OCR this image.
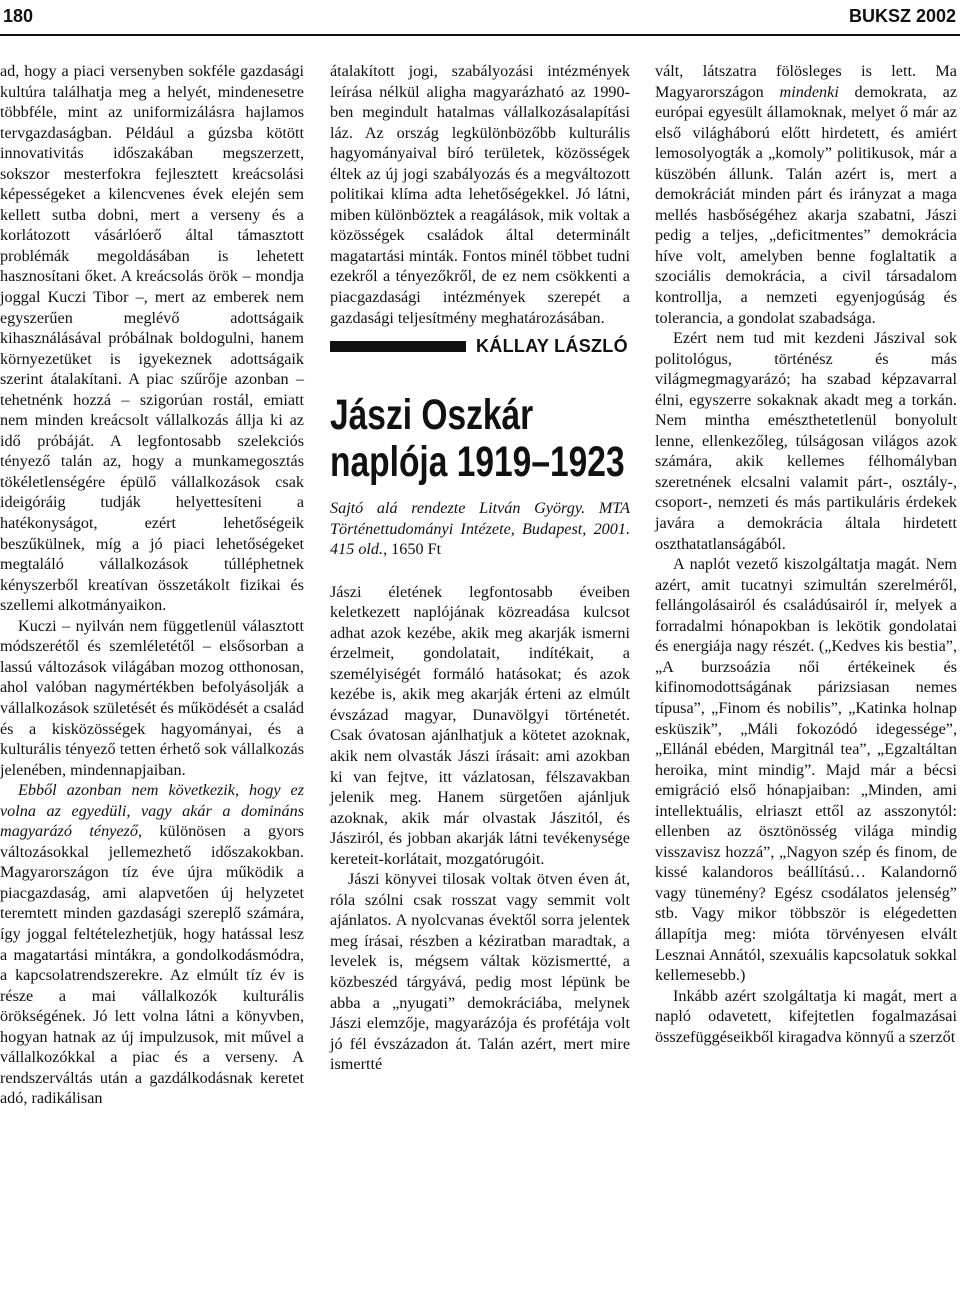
180	BUKSZ 2002

ad, hogy a piaci versenyben sokféle gazdasági kultúra találhatja meg a helyét, mindenesetre többféle, mint az uniformizálásra hajlamos tervgazdaságban. Például a gúzsba kötött innovativitás időszakában megszerzett, sokszor mesterfokra fejlesztett kreácsolási képességeket a kilencvenes évek elején sem kellett sutba dobni, mert a verseny és a korlátozott vásárlóerő által támasztott problémák megoldásában is lehetett hasznosítani őket. A kreácsolás örök – mondja joggal Kuczi Tibor –, mert az emberek nem egyszerűen meglévő adottságaik kihasználásával próbálnak boldogulni, hanem környezetüket is igyekeznek adottságaik szerint átalakítani. A piac szűrője azonban – tehetnénk hozzá – szigorúan rostál, emiatt nem minden kreácsolt vállalkozás állja ki az idő próbáját. A legfontosabb szelekciós tényező talán az, hogy a munkamegosztás tökéletlenségére épülő vállalkozások csak ideigóráig tudják helyettesíteni a hatékonyságot, ezért lehetőségeik beszűkülnek, míg a jó piaci lehetőségeket megtaláló vállalkozások túlléphetnek kényszerből kreatívan összetákolt fizikai és szellemi alkotmányaikon.

Kuczi – nyilván nem függetlenül választott módszerétől és szemléletétől – elsősorban a lassú változások világában mozog otthonosan, ahol valóban nagymértékben befolyásolják a vállalkozások születését és működését a család és a kisközösségek hagyományai, és a kulturális tényező tetten érhető sok vállalkozás jelenében, mindennapjaiban.

Ebből azonban nem következik, hogy ez volna az egyedüli, vagy akár a domináns magyarázó tényező, különösen a gyors változásokkal jellemezhető időszakokban. Magyarországon tíz éve újra működik a piacgazdaság, ami alapvetően új helyzetet teremtett minden gazdasági szereplő számára, így joggal feltételezhetjük, hogy hatással lesz a magatartási mintákra, a gondolkodásmódra, a kapcsolatrendszerekre. Az elmúlt tíz év is része a mai vállalkozók kulturális örökségének. Jó lett volna látni a könyvben, hogyan hatnak az új impulzusok, mit művel a vállalkozókkal a piac és a verseny. A rendszerváltás után a gazdálkodásnak keretet adó, radikálisan

átalakított jogi, szabályozási intézmények leírása nélkül aligha magyarázható az 1990-ben megindult hatalmas vállalkozásalapítási láz. Az ország legkülönbözőbb kulturális hagyományaival bíró területek, közösségek éltek az új jogi szabályozás és a megváltozott politikai klíma adta lehetőségekkel. Jó látni, miben különböztek a reagálások, mik voltak a közösségek családok által determinált magatartási minták. Fontos minél többet tudni ezekről a tényezőkről, de ez nem csökkenti a piacgazdasági intézmények szerepét a gazdasági teljesítmény meghatározásában.

KÁLLAY LÁSZLÓ
Jászi Oszkár
naplója 1919–1923
Sajtó alá rendezte Litván György. MTA Történettudományi Intézete, Budapest, 2001. 415 old., 1650 Ft

Jászi életének legfontosabb éveiben keletkezett naplójának közreadása kulcsot adhat azok kezébe, akik meg akarják ismerni érzelmeit, gondolatait, indítékait, a személyiségét formáló hatásokat; és azok kezébe is, akik meg akarják érteni az elmúlt évszázad magyar, Dunavölgyi történetét. Csak óvatosan ajánlhatjuk a kötetet azoknak, akik nem olvasták Jászi írásait: ami azokban ki van fejtve, itt vázlatosan, félszavakban jelenik meg. Hanem sürgetően ajánljuk azoknak, akik már olvastak Jászitól, és Jásziról, és jobban akarják látni tevékenysége kereteit-korlátait, mozgatórugóit.

Jászi könyvei tilosak voltak ötven éven át, róla szólni csak rosszat vagy semmit volt ajánlatos. A nyolcvanas évektől sorra jelentek meg írásai, részben a kéziratban maradtak, a levelek is, mégsem váltak közismertté, a közbeszéd tárgyává, pedig most lépünk be abba a „nyugati” demokráciába, melynek Jászi elemzője, magyarázója és profétája volt jó fél évszázadon át. Talán azért, mert mire ismertté

vált, látszatra fölösleges is lett. Ma Magyarországon mindenki demokrata, az európai egyesült államoknak, melyet ő már az első világháború előtt hirdetett, és amiért lemosolyogták a „komoly” politikusok, már a küszöbén állunk. Talán azért is, mert a demokráciát minden párt és irányzat a maga mellés hasbőségéhez akarja szabatni, Jászi pedig a teljes, „deficitmentes” demokrácia híve volt, amelyben benne foglaltatik a szociális demokrácia, a civil társadalom kontrollja, a nemzeti egyenjogúság és tolerancia, a gondolat szabadsága.

Ezért nem tud mit kezdeni Jászival sok politológus, történész és más világmegmagyarázó; ha szabad képzavarral élni, egyszerre sokaknak akadt meg a torkán. Nem mintha emészthetetlenül bonyolult lenne, ellenkezőleg, túlságosan világos azok számára, akik kellemes félhomályban szeretnének elcsalni valamit párt-, osztály-, csoport-, nemzeti és más partikuláris érdekek javára a demokrácia általa hirdetett oszthatatlanságából.

A naplót vezető kiszolgáltatja magát. Nem azért, amit tucatnyi szimultán szerelméről, fellángolásairól és családúsairól ír, melyek a forradalmi hónapokban is lekötik gondolatai és energiája nagy részét. („Kedves kis bestia”, „A burzsoázia női értékeinek és kifinomodottságának párizsiasan nemes típusa”, „Finom és nobilis”, „Katinka holnap esküszik”, „Máli fokozódó idegessége”, „Ellánál ebéden, Margitnál tea”, „Egzaltáltan heroika, mint mindig”. Majd már a bécsi emigráció első hónapjaiban: „Minden, ami intellektuális, elriaszt ettől az asszonytól: ellenben az ösztönösség világa mindig visszavisz hozzá”, „Nagyon szép és finom, de kissé kalandoros beállítású… Kalandornő vagy tünemény? Egész csodálatos jelenség” stb. Vagy mikor többször is elégedetten állapítja meg: mióta törvényesen elvált Lesznai Annától, szexuális kapcsolatuk sokkal kellemesebb.)

Inkább azért szolgáltatja ki magát, mert a napló odavetett, kifejtetlen fogalmazásai összefüggéseikből kiragadva könnyű a szerzőt
